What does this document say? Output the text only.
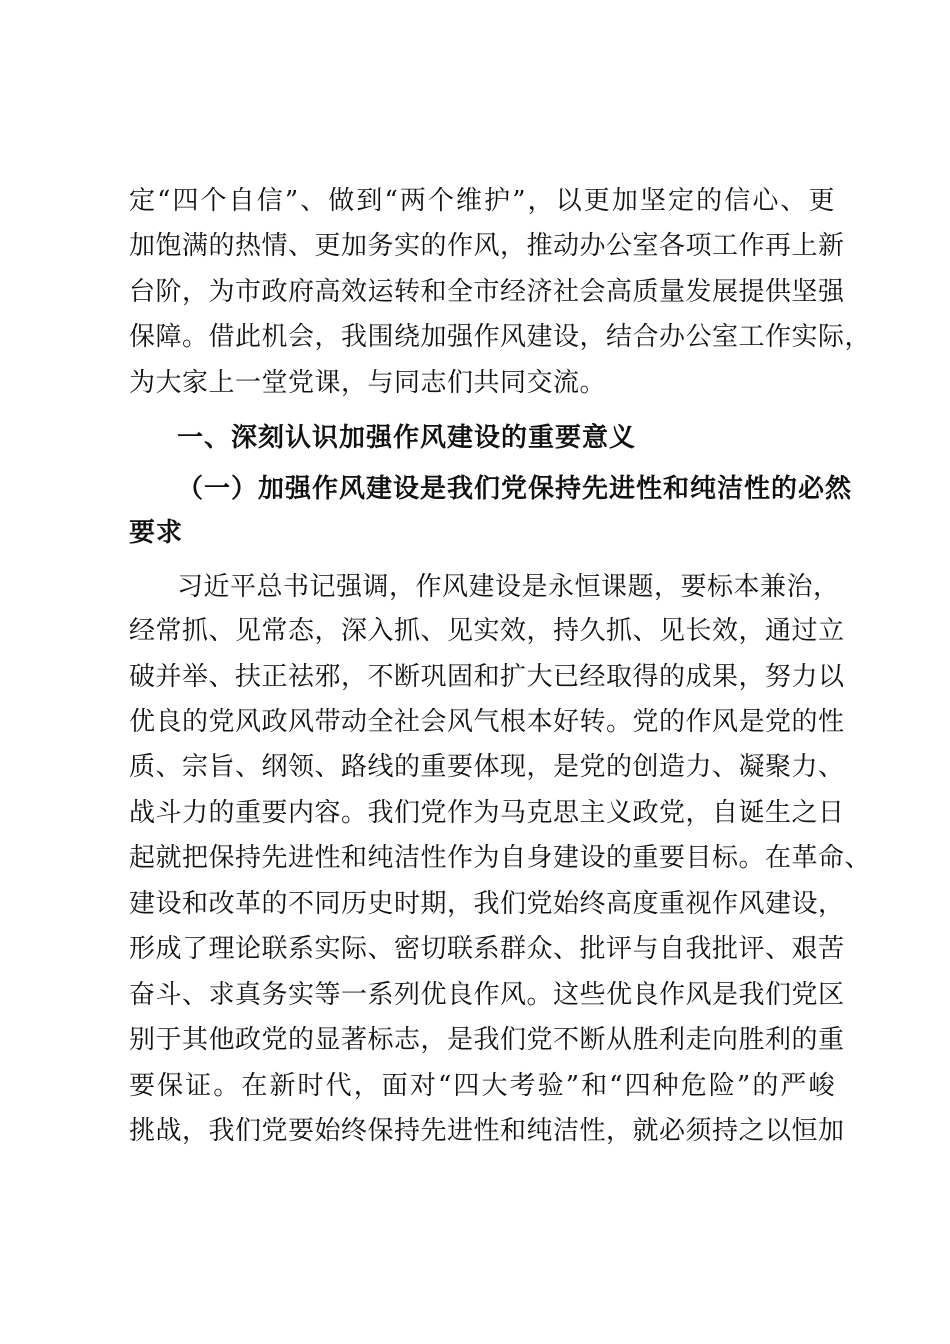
定“四个自信”、做到“两个维护”，以更加坚定的信心、更
加饱满的热情、更加务实的作风，推动办公室各项工作再上新
台阶，为市政府高效运转和全市经济社会高质量发展提供坚强
保障。借此机会，我围绕加强作风建设，结合办公室工作实际，
为大家上一堂党课，与同志们共同交流。
一、深刻认识加强作风建设的重要意义
（一）加强作风建设是我们党保持先进性和纯洁性的必然
要求
习近平总书记强调，作风建设是永恒课题，要标本兼治，
经常抓、见常态，深入抓、见实效，持久抓、见长效，通过立
破并举、扶正祛邪，不断巩固和扩大已经取得的成果，努力以
优良的党风政风带动全社会风气根本好转。党的作风是党的性
质、宗旨、纲领、路线的重要体现，是党的创造力、凝聚力、
战斗力的重要内容。我们党作为马克思主义政党，自诞生之日
起就把保持先进性和纯洁性作为自身建设的重要目标。在革命、
建设和改革的不同历史时期，我们党始终高度重视作风建设，
形成了理论联系实际、密切联系群众、批评与自我批评、艰苦
奋斗、求真务实等一系列优良作风。这些优良作风是我们党区
别于其他政党的显著标志，是我们党不断从胜利走向胜利的重
要保证。在新时代，面对“四大考验”和“四种危险”的严峻
挑战，我们党要始终保持先进性和纯洁性，就必须持之以恒加
